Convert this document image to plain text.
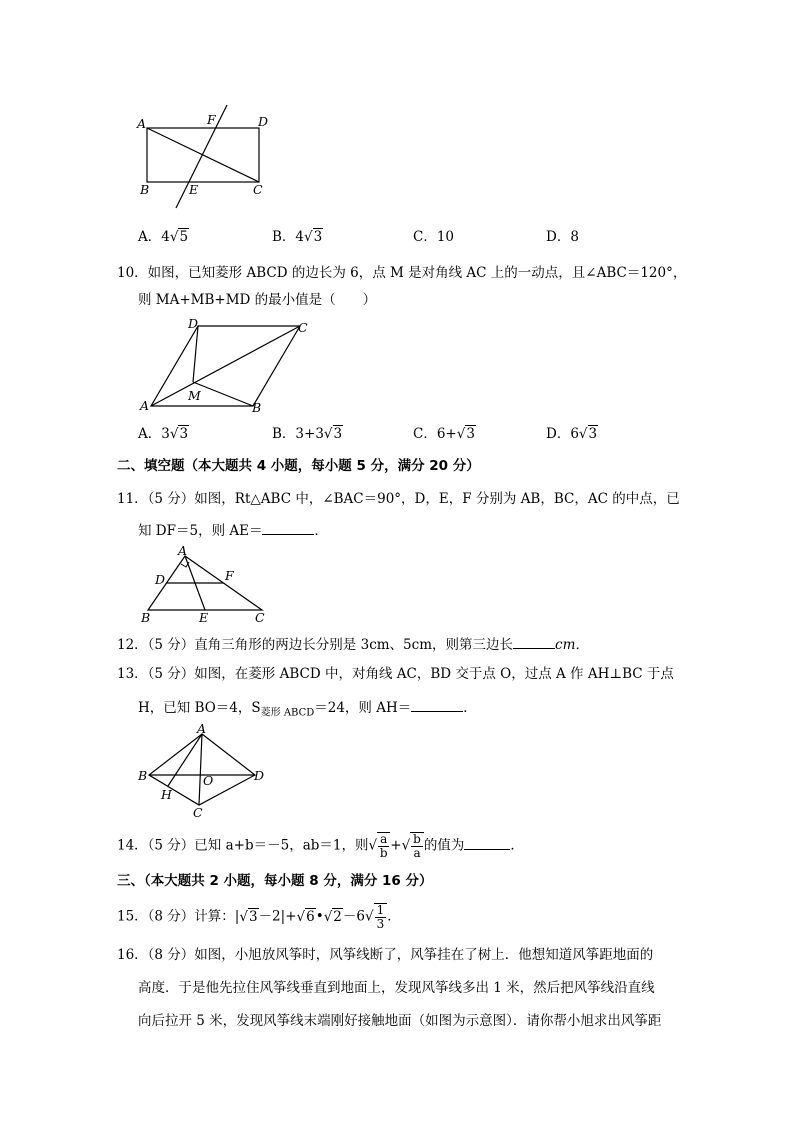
A	F	D
B	E	C
A．4√5	B．4√3	C．10	D．8
10．如图，已知菱形 ABCD 的边长为 6，点 M 是对角线 AC 上的一动点，且∠ABC＝120°，
则 MA+MB+MD 的最小值是（　　）
D	C
M
A	B
A．3√3	B．3+3√3	C．6+√3	D．6√3
二、填空题（本大题共 4 小题，每小题 5 分，满分 20 分）
11．（5 分）如图，Rt△ABC 中，∠BAC＝90°，D，E，F 分别为 AB，BC，AC 的中点，已
知 DF＝5，则 AE＝	．
A
D	F
B	E	C
12．（5 分）直角三角形的两边长分别是 3cm、5cm，则第三边长	cm．
13．（5 分）如图，在菱形 ABCD 中，对角线 AC，BD 交于点 O，过点 A 作 AH⊥BC 于点
H，已知 BO＝4，$S_{菱形 ABCD}=24$，则 AH＝	．
A
B	O	D
H
C
14．（5 分）已知 a+b＝－5，ab＝1，则√ $\frac{a}{b}$ +√ $\frac{b}{a}$ 的值为	．
三、（本大题共 2 小题，每小题 8 分，满分 16 分）
15．（8 分）计算：|√3－2|+√6•√2－6√ $\frac{1}{3}$ ．
16．（8 分）如图，小旭放风筝时，风筝线断了，风筝挂在了树上．他想知道风筝距地面的
高度．于是他先拉住风筝线垂直到地面上，发现风筝线多出 1 米，然后把风筝线沿直线
向后拉开 5 米，发现风筝线末端刚好接触地面（如图为示意图）．请你帮小旭求出风筝距
